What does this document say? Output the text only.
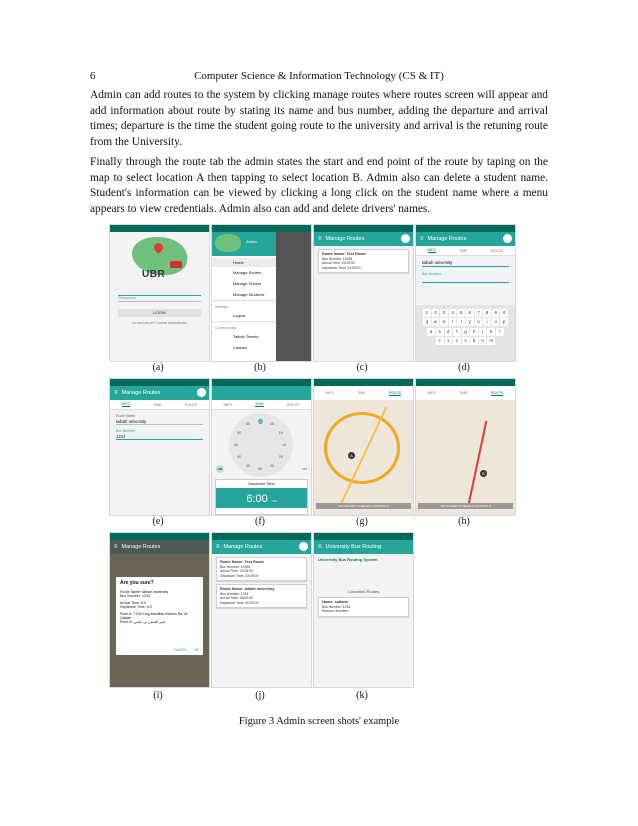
6	Computer Science & Information Technology (CS & IT)

Admin can add routes to the system by clicking manage routes where routes screen will appear and add information about route by stating its name and bus number, adding the departure and arrival times; departure is the time the student going route to the university and arrival is the retuning route from the University.

Finally through the route tab the admin states the start and end point of the route by taping on the map to select location A then tapping to select location B. Admin also can delete a student name. Student's information can be viewed by clicking a long click on the student name where a menu appears to view credentials. Admin also can add and delete drivers' names.

UBR
Password
LOGIN
No account yet? Contact Administrator
Admin
Home
Manage Routes
Manage Drivers
Manage Students
Settings
Logout
Communicate
Taibah Tweets
Contact
≡ Manage Routes
Route Name: Test Route
Bus Number: 12345
Arrival Time: 23:09:00
Departure Time: 23:09:00
≡ Manage Routes
INFO	TIME	ROUTE
taibah university
Bus Number
1	2	3	4	5	6	7	8	9	0
q	w	e	r	t	y	u	i	o	p
a	s	d	f	g	h	j	k	l
z	x	c	v	b	n	m
≡ Manage Routes
INFO	TIME	ROUTE
Route Name
taibah university
Bus Number
1234
INFO	TIME	ROUTE
00
05
10
15
20
25
30
35
40
45
50
55
AM	PM
Departure Time
6:00 AM
INFO	TIME	ROUTE
A
TAP ON MAP TO SELECT LOCATION A
INFO	TIME	ROUTE
B
TAP ON MAP TO SELECT LOCATION B
≡ Manage Routes
Are you sure?
Route Name: taibah university
Bus Number: 1234
Arrival Time: 8:0
Departure Time: 6:0
Point A: 7126 King Abdullah Branch Rd, Al Udaiah
Point B: امير الحسن بن عباس
CANCEL OK
≡ Manage Routes
Route Name: Test Route
Bus Number: 12345
Arrival Time: 23:09:00
Departure Time: 23:09:00
Route Name: taibah university
Bus Number: 1234
Arrival Time: 08:00:00
Departure Time: 06:00:00
≡ University Bus Routing
University Bus Routing System
Cancelled Routes
Name: sultane
Bus Number: 1234
Reason: Accident
(a)	(b)	(c)	(d)
(e)	(f)	(g)	(h)
(i)	(j)	(k)
Figure 3 Admin screen shots' example
